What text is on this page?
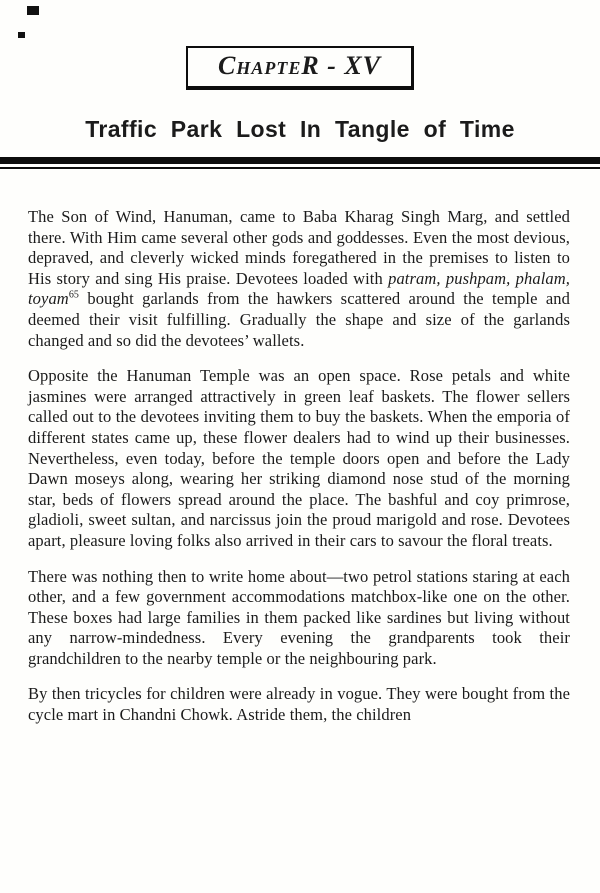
ChapteR - XV
Traffic Park Lost In Tangle of Time

The Son of Wind, Hanuman, came to Baba Kharag Singh Marg, and settled there. With Him came several other gods and goddesses. Even the most devious, depraved, and cleverly wicked minds foregathered in the premises to listen to His story and sing His praise. Devotees loaded with patram, pushpam, phalam, toyam$^{65}$ bought garlands from the hawkers scattered around the temple and deemed their visit fulfilling. Gradually the shape and size of the garlands changed and so did the devotees’ wallets.

Opposite the Hanuman Temple was an open space. Rose petals and white jasmines were arranged attractively in green leaf baskets. The flower sellers called out to the devotees inviting them to buy the baskets. When the emporia of different states came up, these flower dealers had to wind up their businesses. Nevertheless, even today, before the temple doors open and before the Lady Dawn moseys along, wearing her striking diamond nose stud of the morning star, beds of flowers spread around the place. The bashful and coy primrose, gladioli, sweet sultan, and narcissus join the proud marigold and rose. Devotees apart, pleasure loving folks also arrived in their cars to savour the floral treats.

There was nothing then to write home about—two petrol stations staring at each other, and a few government accommodations matchbox-like one on the other. These boxes had large families in them packed like sardines but living without any narrow-mindedness. Every evening the grandparents took their grandchildren to the nearby temple or the neighbouring park.

By then tricycles for children were already in vogue. They were bought from the cycle mart in Chandni Chowk. Astride them, the children
